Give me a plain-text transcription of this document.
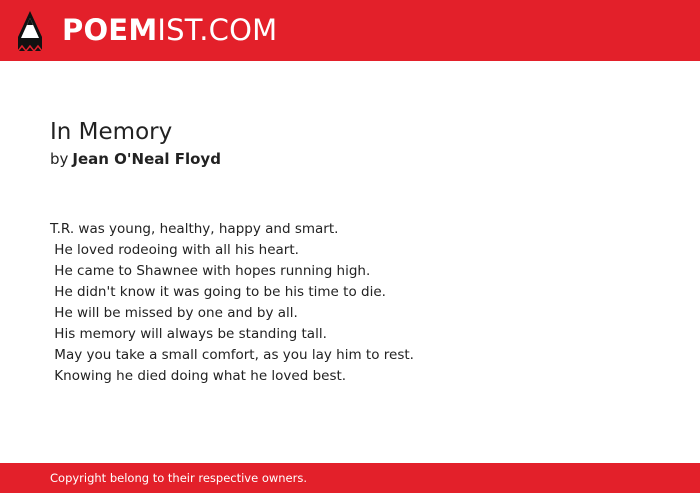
POEM IST.COM
In Memory
by Jean O'Neal Floyd
T.R. was young, healthy, happy and smart.
He loved rodeoing with all his heart.
He came to Shawnee with hopes running high.
He didn't know it was going to be his time to die.
He will be missed by one and by all.
His memory will always be standing tall.
May you take a small comfort, as you lay him to rest.
Knowing he died doing what he loved best.
Copyright belong to their respective owners.
